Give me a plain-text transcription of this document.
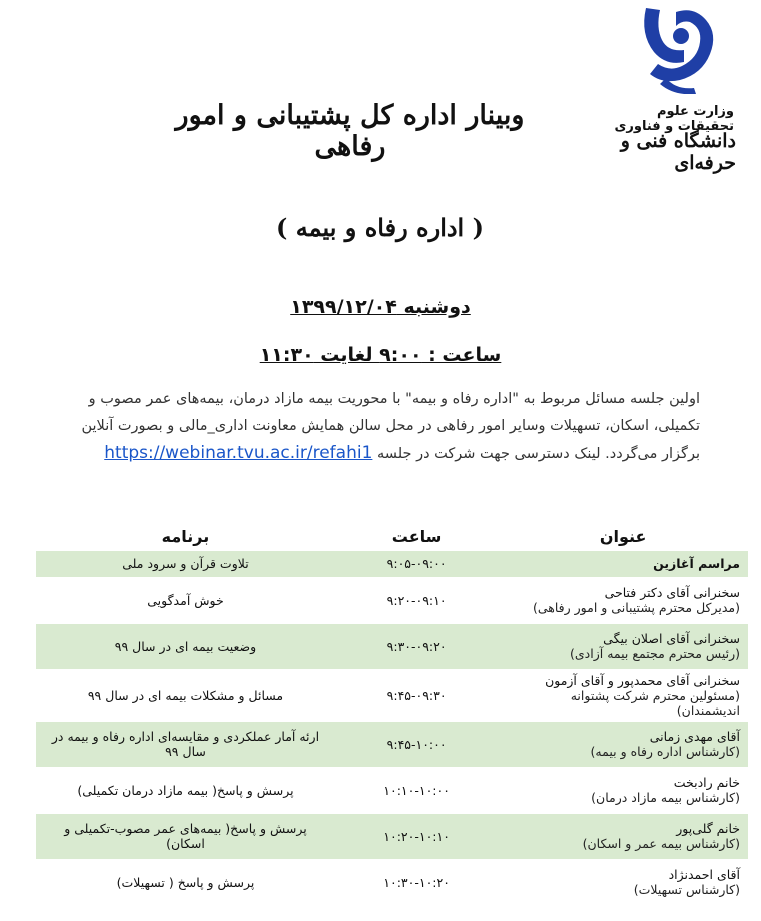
وزارت علوم تحقیقات و فناوری
دانشگاه فنی و حرفه‌ای
وبینار اداره کل پشتیبانی و امور رفاهی
( اداره رفاه و بیمه )
دوشنبه ۱۳۹۹/۱۲/۰۴
ساعت : ۹:۰۰ لغایت ۱۱:۳۰
اولین جلسه مسائل مربوط به "اداره رفاه و بیمه" با محوریت بیمه مازاد درمان، بیمه‌های عمر مصوب و تکمیلی، اسکان، تسهیلات وسایر امور رفاهی در محل سالن همایش معاونت اداری_مالی و بصورت آنلاین برگزار می‌گردد. لینک دسترسی جهت شرکت در جلسه https://webinar.tvu.ac.ir/refahi1
عنوان	ساعت	برنامه

مراسم آغازین	۹:۰۵-۰۹:۰۰	تلاوت قرآن و سرود ملی

سخنرانی آقای دکتر فتاحی
(مدیرکل محترم پشتیبانی و امور رفاهی)	۹:۲۰-۰۹:۱۰	خوش آمدگویی

سخنرانی آقای اصلان بیگی
(رئیس محترم مجتمع بیمه آزادی)	۹:۳۰-۰۹:۲۰	وضعیت بیمه ای در سال ۹۹

سخنرانی آقای محمدپور و آقای آزمون
(مسئولین محترم شرکت پشتوانه اندیشمندان)	۹:۴۵-۰۹:۳۰	مسائل و مشکلات بیمه ای در سال ۹۹

آقای مهدی زمانی
(کارشناس اداره رفاه و بیمه)	۹:۴۵-۱۰:۰۰	ارئه آمار عملکردی و مقایسه‌ای اداره رفاه و بیمه در سال ۹۹

خانم رادبخت
(کارشناس بیمه مازاد درمان)	۱۰:۱۰-۱۰:۰۰	پرسش و پاسخ( بیمه مازاد درمان تکمیلی)

خانم گلی‌پور
(کارشناس بیمه عمر و اسکان)	۱۰:۲۰-۱۰:۱۰	پرسش و پاسخ( بیمه‌های عمر مصوب-تکمیلی و اسکان)

آقای احمدنژاد
(کارشناس تسهیلات)	۱۰:۳۰-۱۰:۲۰	پرسش و پاسخ ( تسهیلات)
